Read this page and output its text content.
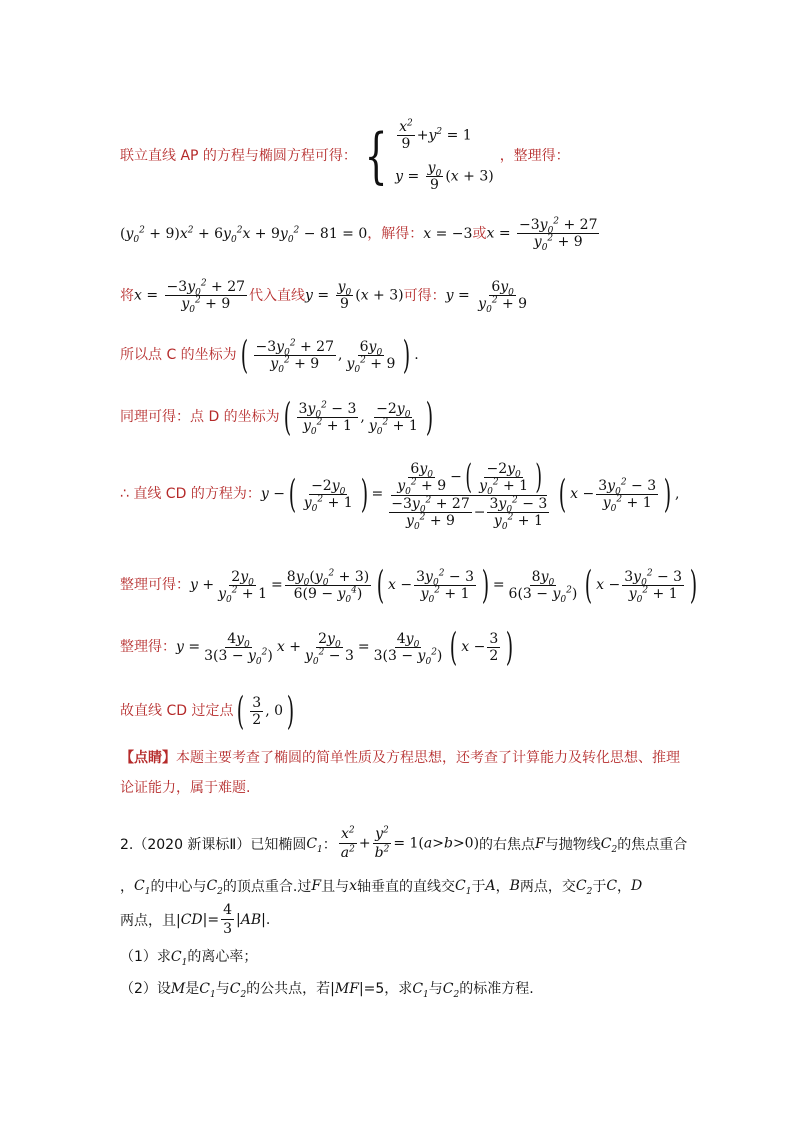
联立直线 AP 的方程与椭圆方程可得： { $\frac{x^2}{9} +y^2 = 1$
$y = \frac{y_0}{9} (x + 3)$
，整理得：
$(y_0^2 + 9)x^2 + 6y_0^2x + 9y_0^2 - 81 = 0$，解得：x = −3或$x = \frac{-3y_0^2 + 27}{y_0^2 + 9}$
将$x = \frac{-3y_0^2 + 27}{y_0^2 + 9}$ 代入直线$y = \frac{y_0}{9} (x + 3)$可得：$y = \frac{6y_0}{y_0^2 + 9}$
所以点 C 的坐标为( $\frac{-3y_0^2 + 27}{y_0^2 + 9}$ , $\frac{6y_0}{y_0^2 + 9}$ ) .
同理可得：点 D 的坐标为( $\frac{3y_0^2 - 3}{y_0^2 + 1}$ , $\frac{-2y_0}{y_0^2 + 1}$ )
∴ 直线 CD 的方程为：y −( $\frac{-2y_0}{y_0^2 + 1}$ ) = $\frac{\frac{6y_0}{y_0^2 + 9} -( \frac{-2y_0}{y_0^2 + 1} )}{\frac{-3y_0^2 + 27}{y_0^2 + 9} - \frac{3y_0^2 - 3}{y_0^2 + 1}}$ ( $x - \frac{3y_0^2 - 3}{y_0^2 + 1}$ ) ,
整理可得：$y + \frac{2y_0}{y_0^2 + 1} = \frac{8y_0(y_0^2 + 3)}{6(9 - y_0^4)}$ ( $x - \frac{3y_0^2 - 3}{y_0^2 + 1}$ ) = $\frac{8y_0}{6(3 - y_0^2)}$ ( $x - \frac{3y_0^2 - 3}{y_0^2 + 1}$ )
整理得：$y = \frac{4y_0}{3(3 - y_0^2)}$ $x + \frac{2y_0}{y_0^2 - 3} = \frac{4y_0}{3(3 - y_0^2)}$ ( $x - \frac{3}{2}$ )
故直线 CD 过定点( $\frac{3}{2}$ , 0)
【点睛】本题主要考查了椭圆的简单性质及方程思想，还考查了计算能力及转化思想、推理
论证能力，属于难题.
2.（2020 新课标Ⅱ）已知椭圆$C_1$： $\frac{x^2}{a^2} + \frac{y^2}{b^2} = 1(a>b>0)$的右焦点F与抛物线$C_2$的焦点重合
，$C_1$的中心与$C_2$的顶点重合.过F且与x轴垂直的直线交$C_1$于A，B两点，交$C_2$于C，D
两点，且$|CD|= \frac{4}{3} |AB|$.
（1）求$C_1$的离心率；
（2）设M是$C_1$与$C_2$的公共点，若|MF|=5，求$C_1$与$C_2$的标准方程.
